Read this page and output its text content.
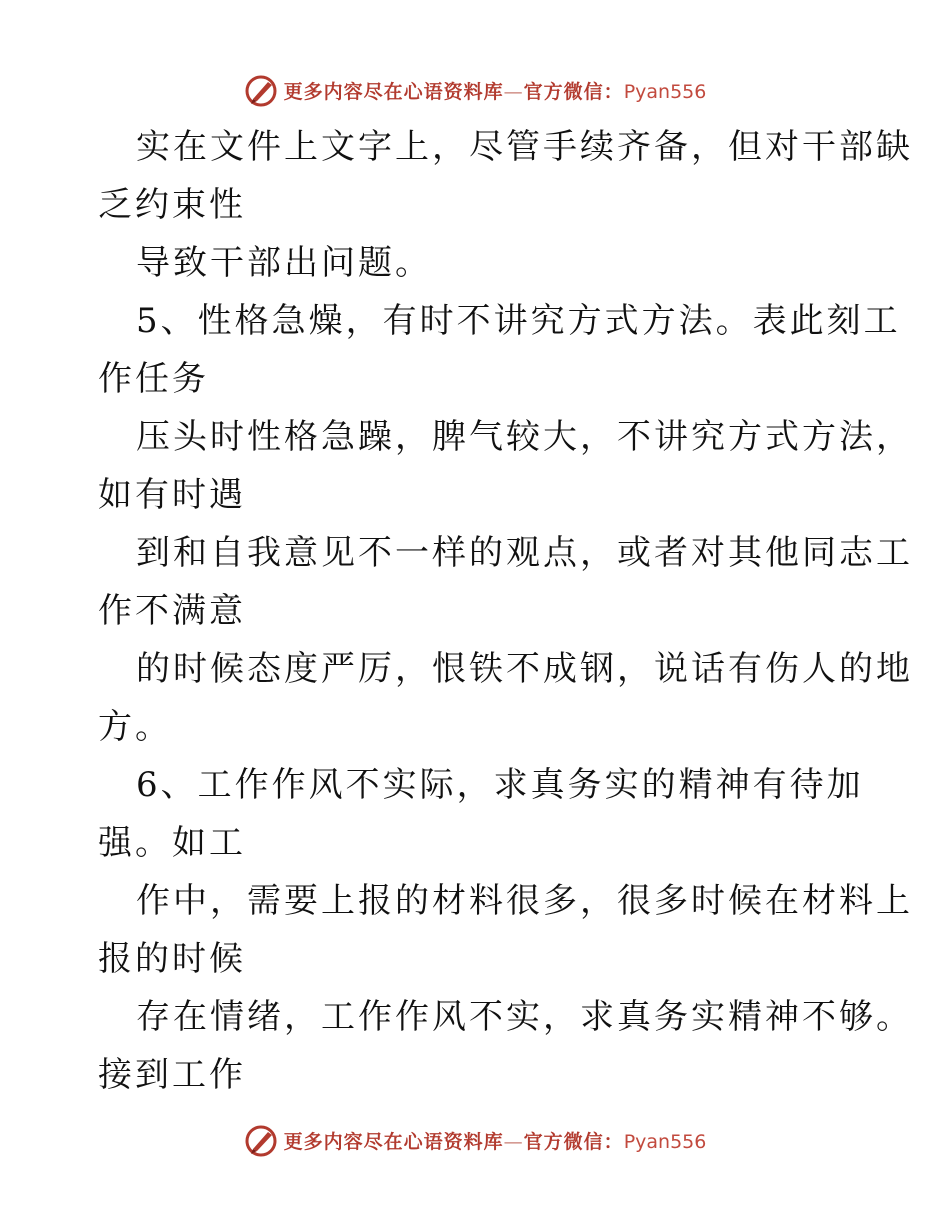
更多内容尽在心语资料库—官方微信：Pyan556
实在文件上文字上，尽管手续齐备，但对干部缺
乏约束性
导致干部出问题。
5、性格急燥，有时不讲究方式方法。表此刻工
作任务
压头时性格急躁，脾气较大，不讲究方式方法，
如有时遇
到和自我意见不一样的观点，或者对其他同志工
作不满意
的时候态度严厉，恨铁不成钢，说话有伤人的地
方。
6、工作作风不实际，求真务实的精神有待加
强。如工
作中，需要上报的材料很多，很多时候在材料上
报的时候
存在情绪，工作作风不实，求真务实精神不够。
接到工作
更多内容尽在心语资料库—官方微信：Pyan556
